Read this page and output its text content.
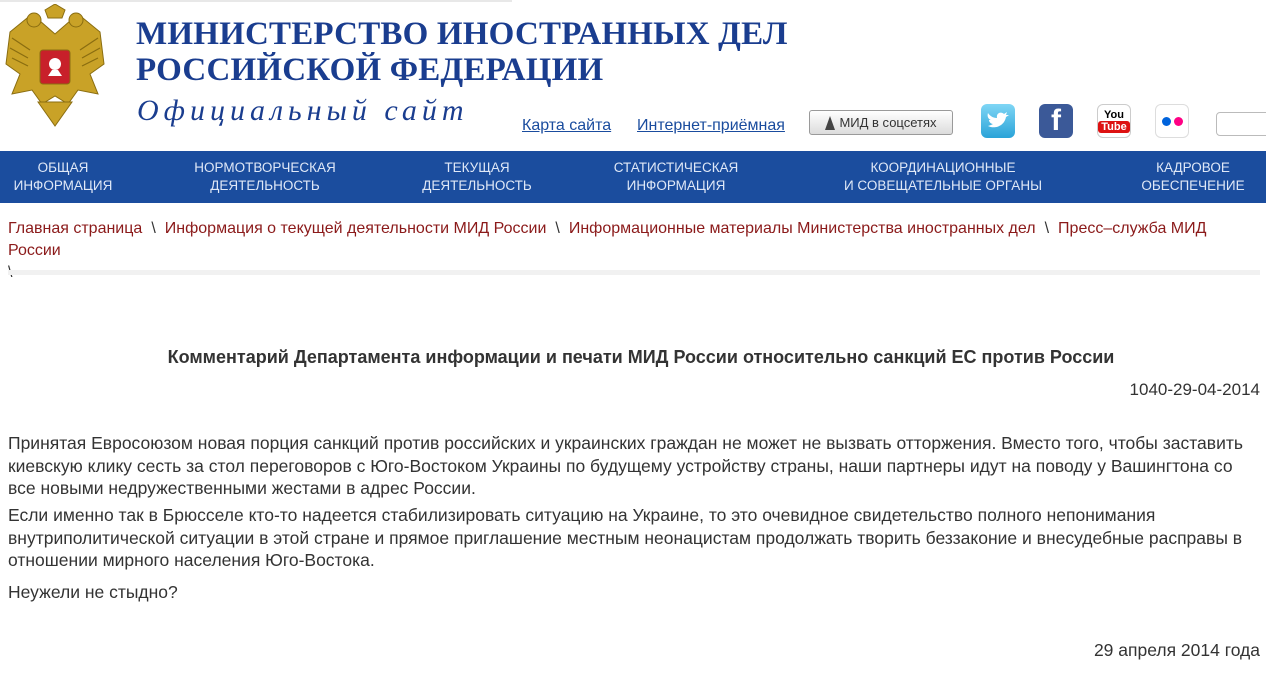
МИНИСТЕРСТВО ИНОСТРАННЫХ ДЕЛ
РОССИЙСКОЙ ФЕДЕРАЦИИ
Официальный сайт	Карта сайта Интернет-приёмная	МИД в соцсетях	f	You
Tube
ОБЩАЯ
ИНФОРМАЦИЯ
НОРМОТВОРЧЕСКАЯ
ДЕЯТЕЛЬНОСТЬ
ТЕКУЩАЯ
ДЕЯТЕЛЬНОСТЬ
СТАТИСТИЧЕСКАЯ
ИНФОРМАЦИЯ
КООРДИНАЦИОННЫЕ
И СОВЕЩАТЕЛЬНЫЕ ОРГАНЫ
КАДРОВОЕ
ОБЕСПЕЧЕНИЕ
Главная страница \ Информация о текущей деятельности МИД России \ Информационные материалы Министерства иностранных дел \ Пресс–служба МИД России

Комментарий Департамента информации и печати МИД России относительно санкций ЕС против России
1040-29-04-2014
Принятая Евросоюзом новая порция санкций против российских и украинских граждан не может не вызвать отторжения. Вместо того, чтобы заставить киевскую клику сесть за стол переговоров с Юго-Востоком Украины по будущему устройству страны, наши партнеры идут на поводу у Вашингтона со все новыми недружественными жестами в адрес России.
Если именно так в Брюсселе кто-то надеется стабилизировать ситуацию на Украине, то это очевидное свидетельство полного непонимания внутриполитической ситуации в этой стране и прямое приглашение местным неонацистам продолжать творить беззаконие и внесудебные расправы в отношении мирного населения Юго-Востока.
Неужели не стыдно?
29 апреля 2014 года
